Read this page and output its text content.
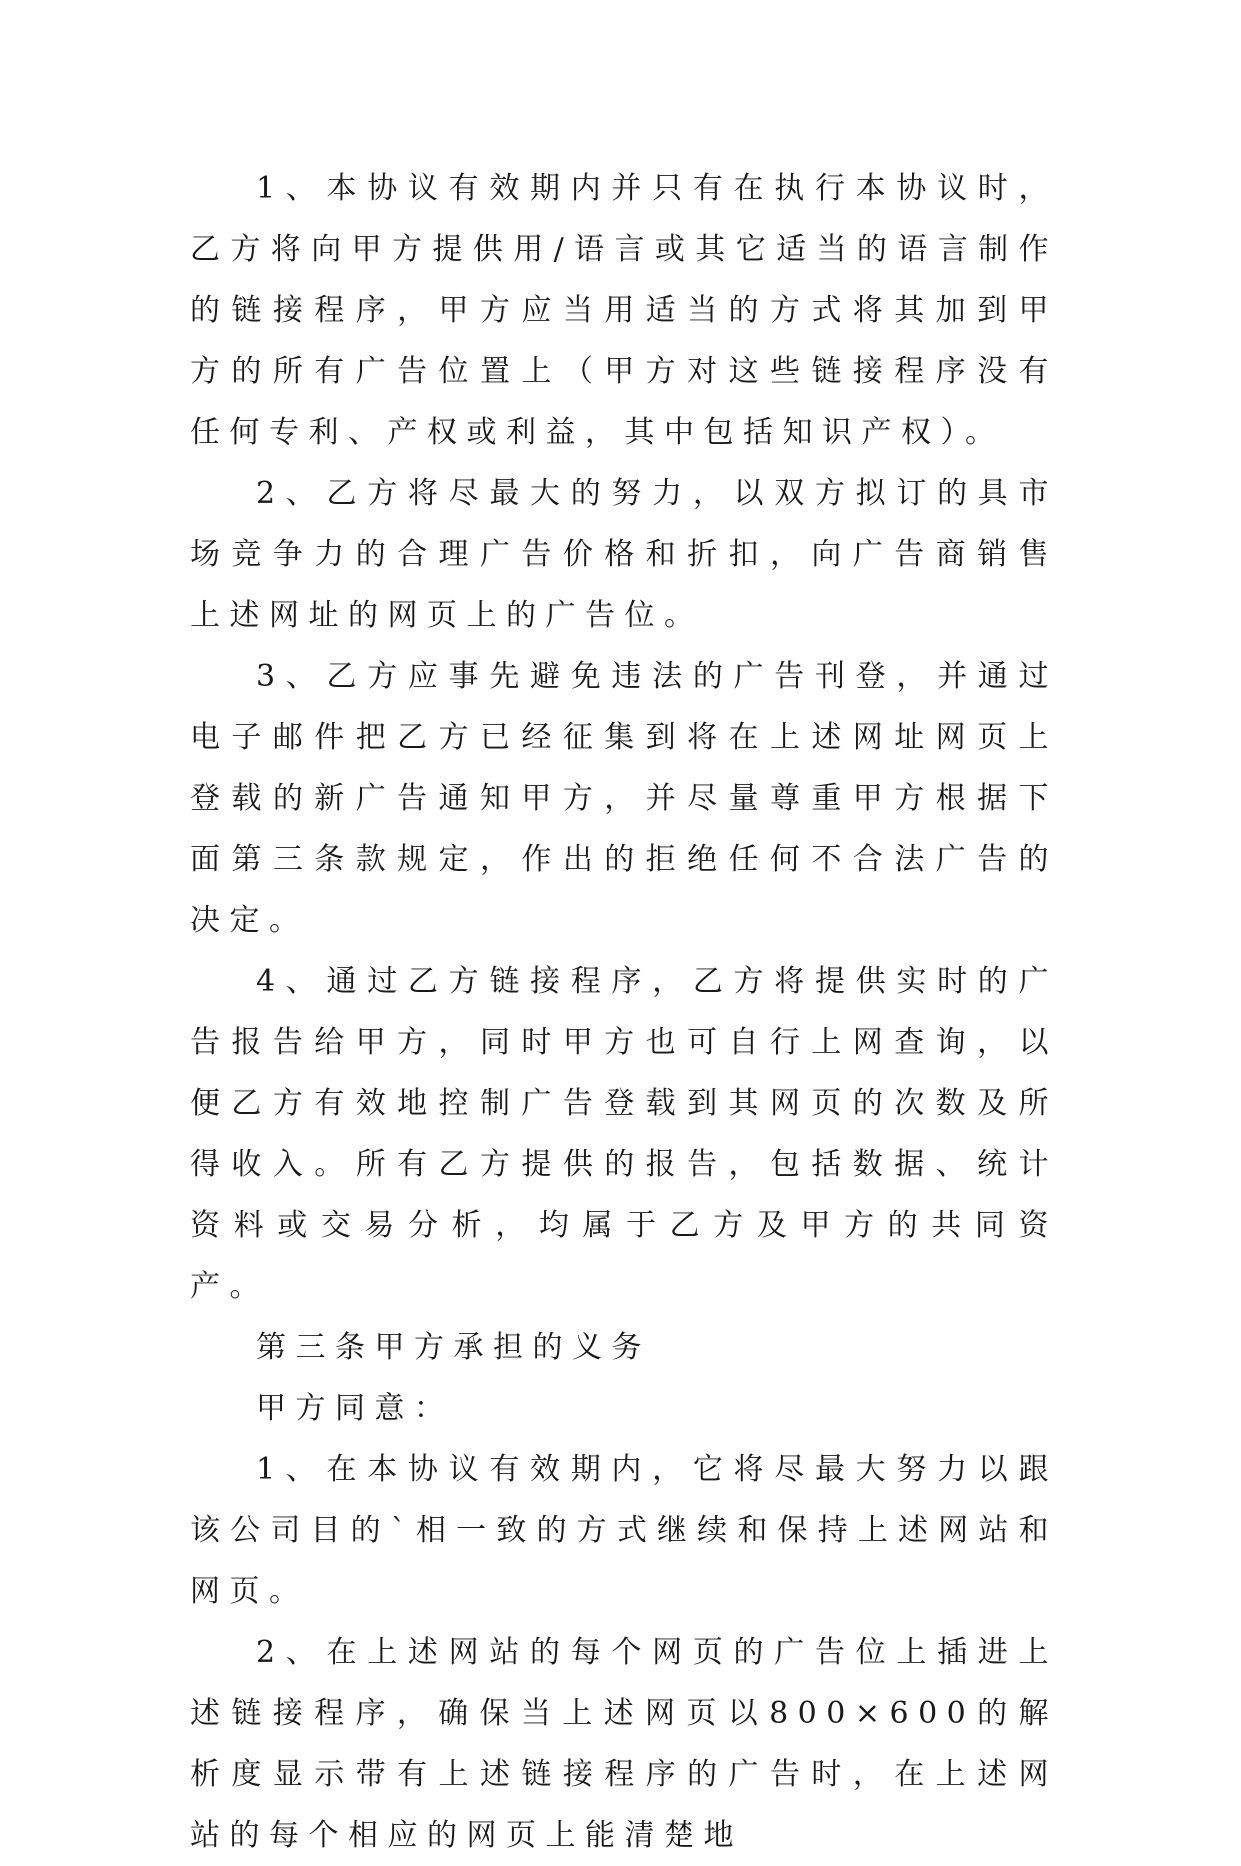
1、本协议有效期内并只有在执行本协议时，乙方将向甲方提供用/语言或其它适当的语言制作的链接程序，甲方应当用适当的方式将其加到甲方的所有广告位置上（甲方对这些链接程序没有任何专利、产权或利益，其中包括知识产权）。

2、乙方将尽最大的努力，以双方拟订的具市场竞争力的合理广告价格和折扣，向广告商销售上述网址的网页上的广告位。

3、乙方应事先避免违法的广告刊登，并通过电子邮件把乙方已经征集到将在上述网址网页上登载的新广告通知甲方，并尽量尊重甲方根据下面第三条款规定，作出的拒绝任何不合法广告的决定。

4、通过乙方链接程序，乙方将提供实时的广告报告给甲方，同时甲方也可自行上网查询，以便乙方有效地控制广告登载到其网页的次数及所得收入。所有乙方提供的报告，包括数据、统计资料或交易分析，均属于乙方及甲方的共同资产。

第三条甲方承担的义务

甲方同意：

1、在本协议有效期内，它将尽最大努力以跟该公司目的`相一致的方式继续和保持上述网站和网页。

2、在上述网站的每个网页的广告位上插进上述链接程序，确保当上述网页以800×600的解析度显示带有上述链接程序的广告时，在上述网站的每个相应的网页上能清楚地
